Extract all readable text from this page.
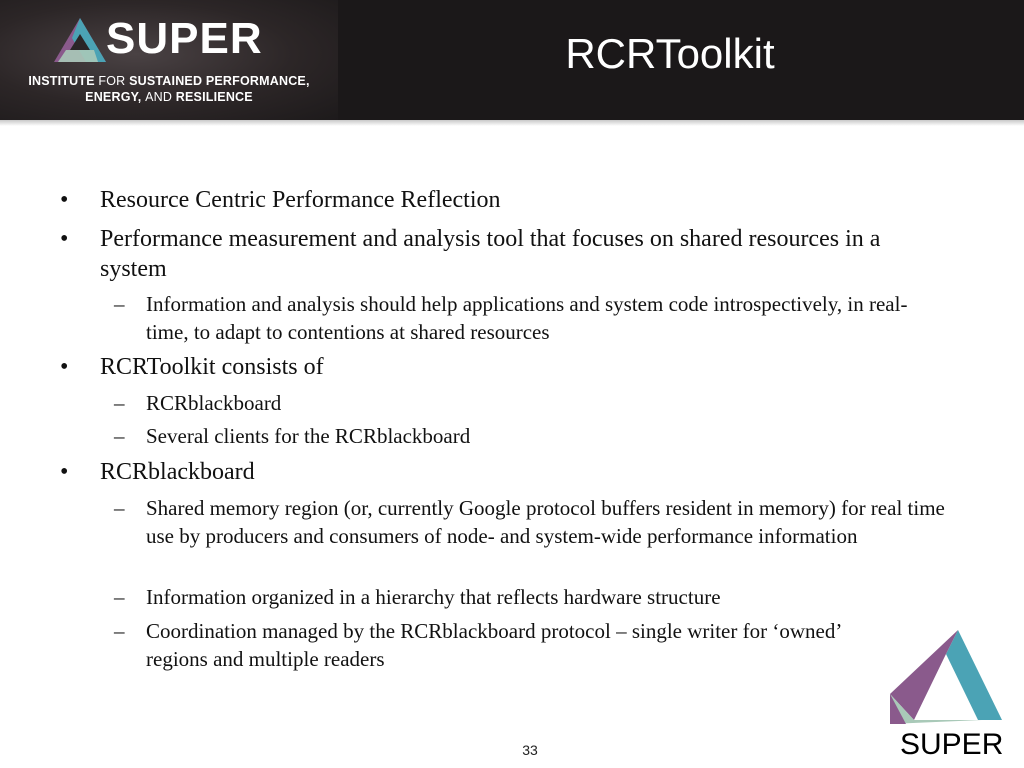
SUPER
INSTITUTE FOR SUSTAINED PERFORMANCE,
ENERGY, AND RESILIENCE
RCRToolkit
• Resource Centric Performance Reflection
• Performance measurement and analysis tool that focuses on shared resources in a system
– Information and analysis should help applications and system code introspectively, in real-time, to adapt to contentions at shared resources
• RCRToolkit consists of
– RCRblackboard
– Several clients for the RCRblackboard
• RCRblackboard
– Shared memory region (or, currently Google protocol buffers resident in memory) for real time use by producers and consumers of node- and system-wide performance information
– Information organized in a hierarchy that reflects hardware structure
– Coordination managed by the RCRblackboard protocol – single writer for ‘owned’ regions and multiple readers
33	SUPER
